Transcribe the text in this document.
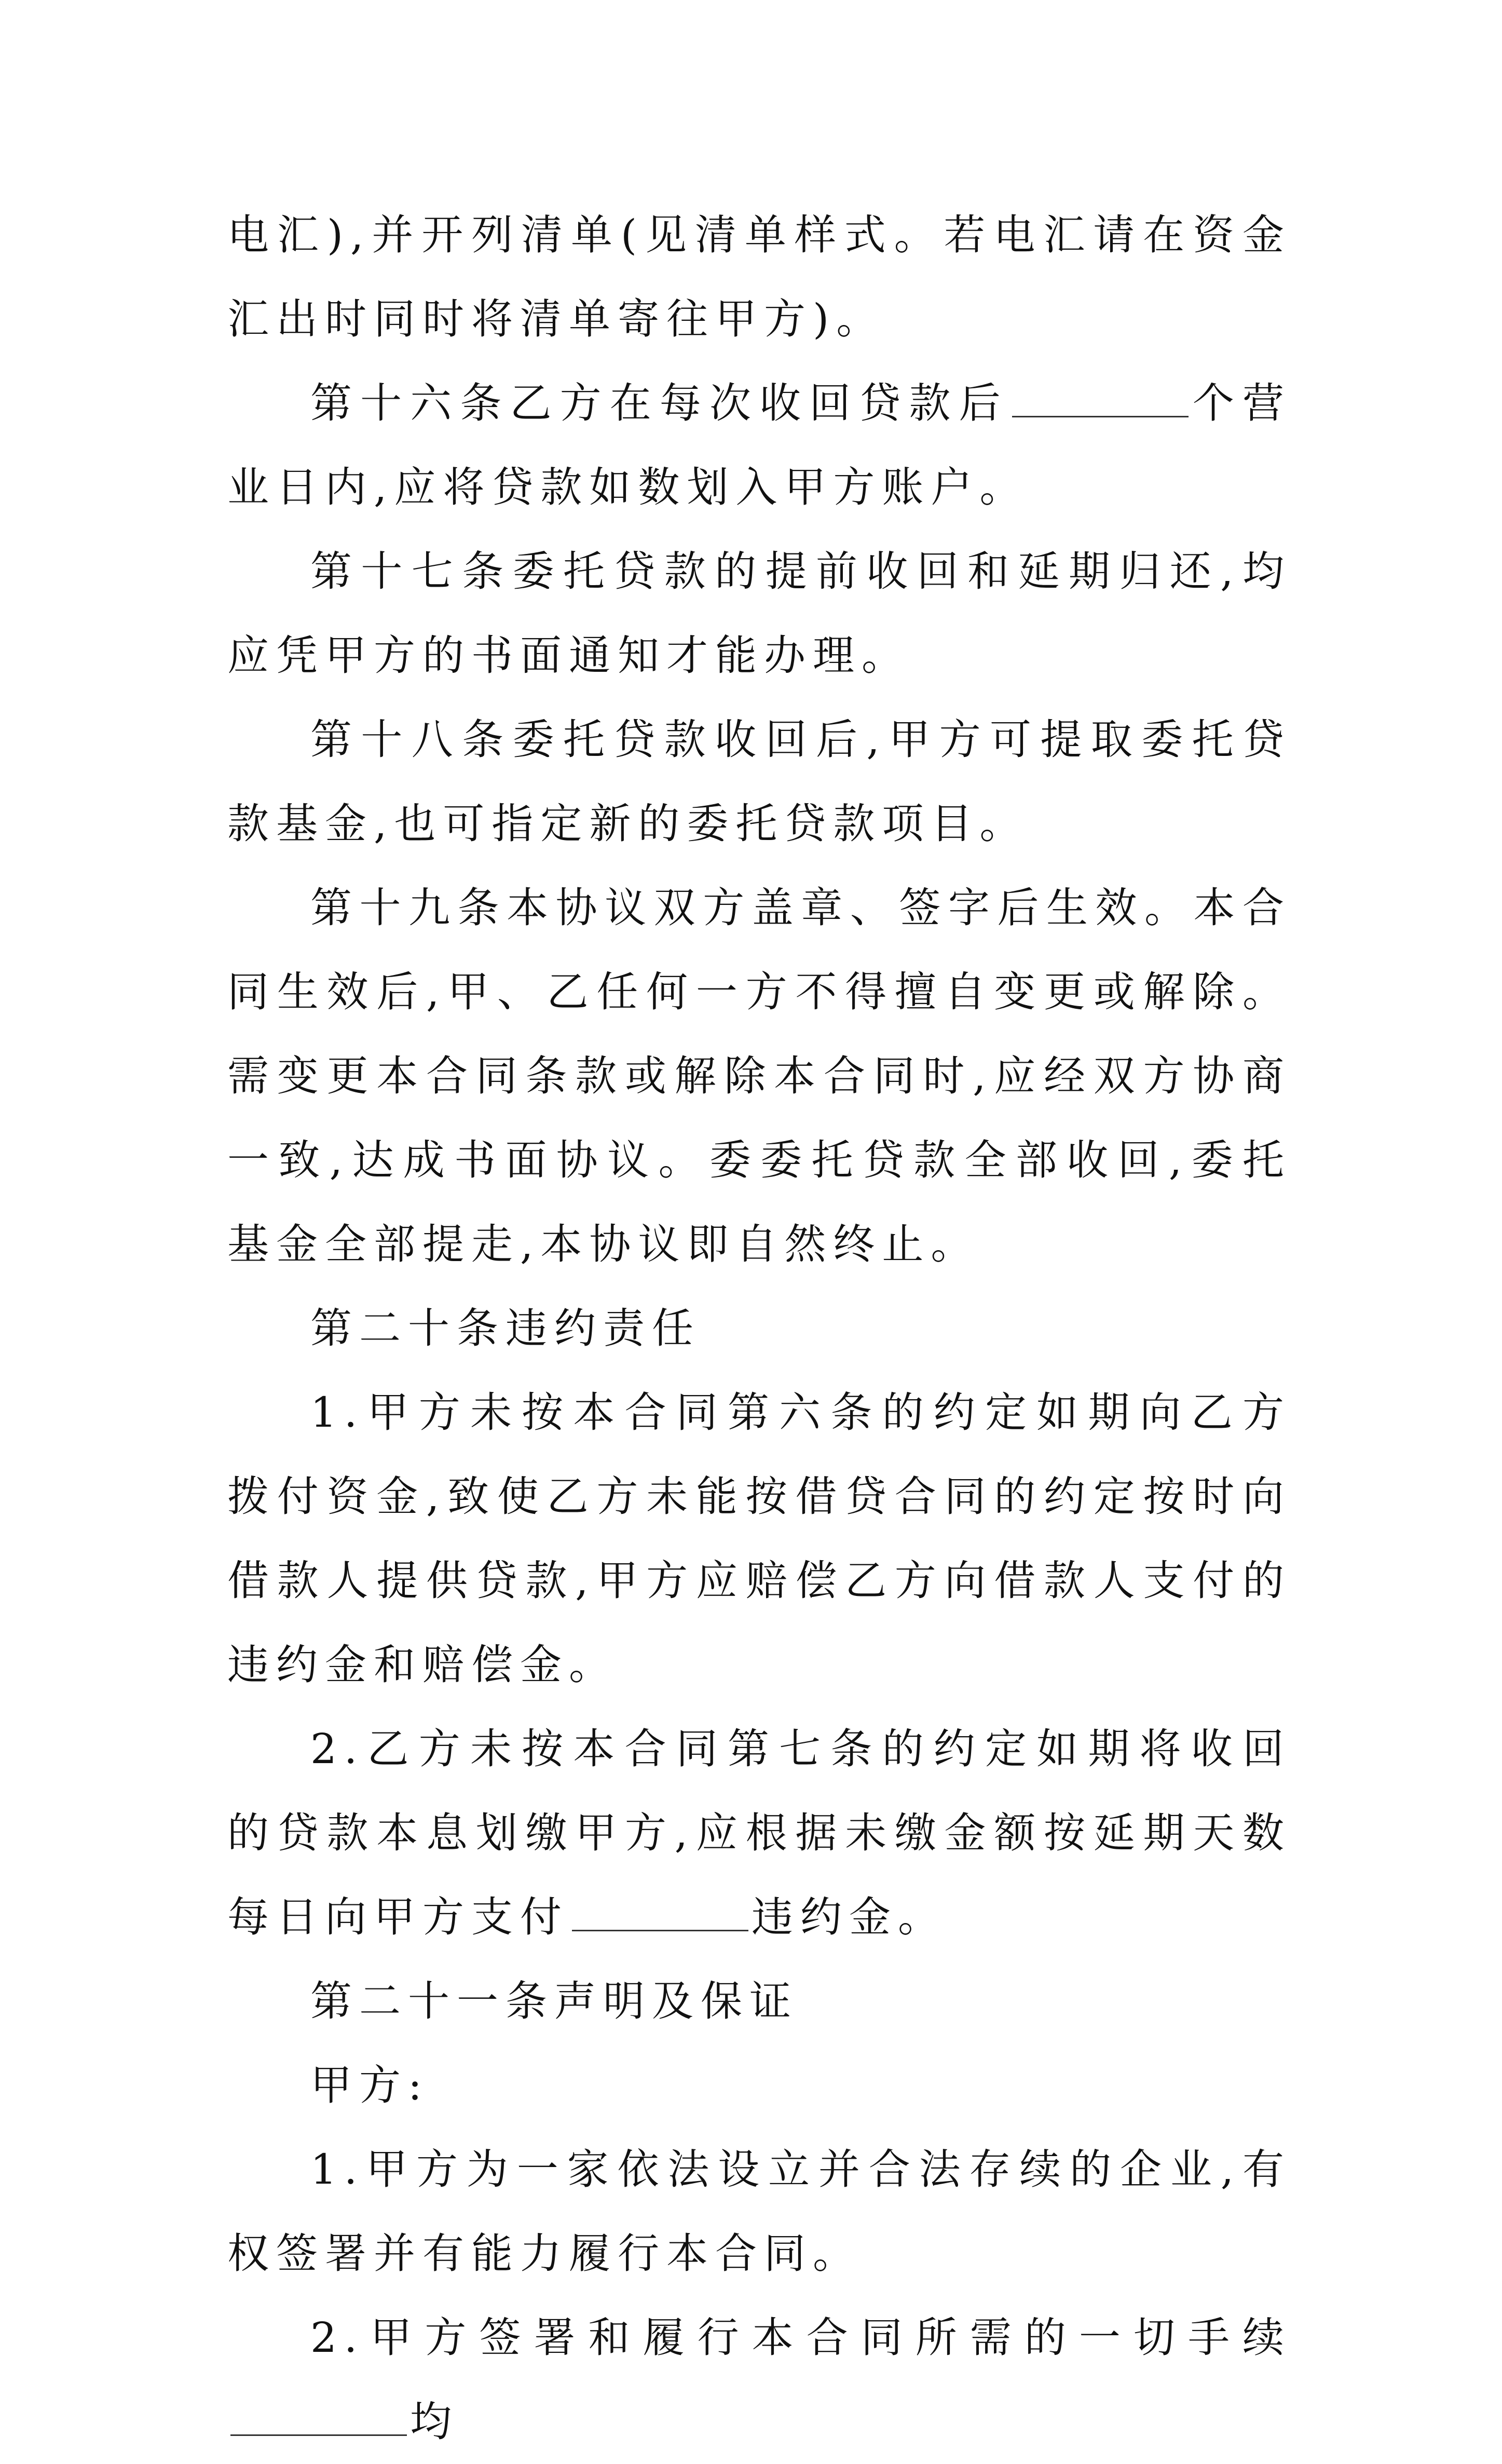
电汇),并开列清单(见清单样式。若电汇请在资金汇出时同时将清单寄往甲方)。

第十六条乙方在每次收回贷款后	个营业日内,应将贷款如数划入甲方账户。

第十七条委托贷款的提前收回和延期归还,均应凭甲方的书面通知才能办理。

第十八条委托贷款收回后,甲方可提取委托贷款基金,也可指定新的委托贷款项目。

第十九条本协议双方盖章、签字后生效。本合同生效后,甲、乙任何一方不得擅自变更或解除。需变更本合同条款或解除本合同时,应经双方协商一致,达成书面协议。委委托贷款全部收回,委托基金全部提走,本协议即自然终止。

第二十条违约责任

1.甲方未按本合同第六条的约定如期向乙方拨付资金,致使乙方未能按借贷合同的约定按时向借款人提供贷款,甲方应赔偿乙方向借款人支付的违约金和赔偿金。

2.乙方未按本合同第七条的约定如期将收回的贷款本息划缴甲方,应根据未缴金额按延期天数每日向甲方支付	违约金。

第二十一条声明及保证

甲方:

1.甲方为一家依法设立并合法存续的企业,有权签署并有能力履行本合同。

2.甲方签署和履行本合同所需的一切手续均
